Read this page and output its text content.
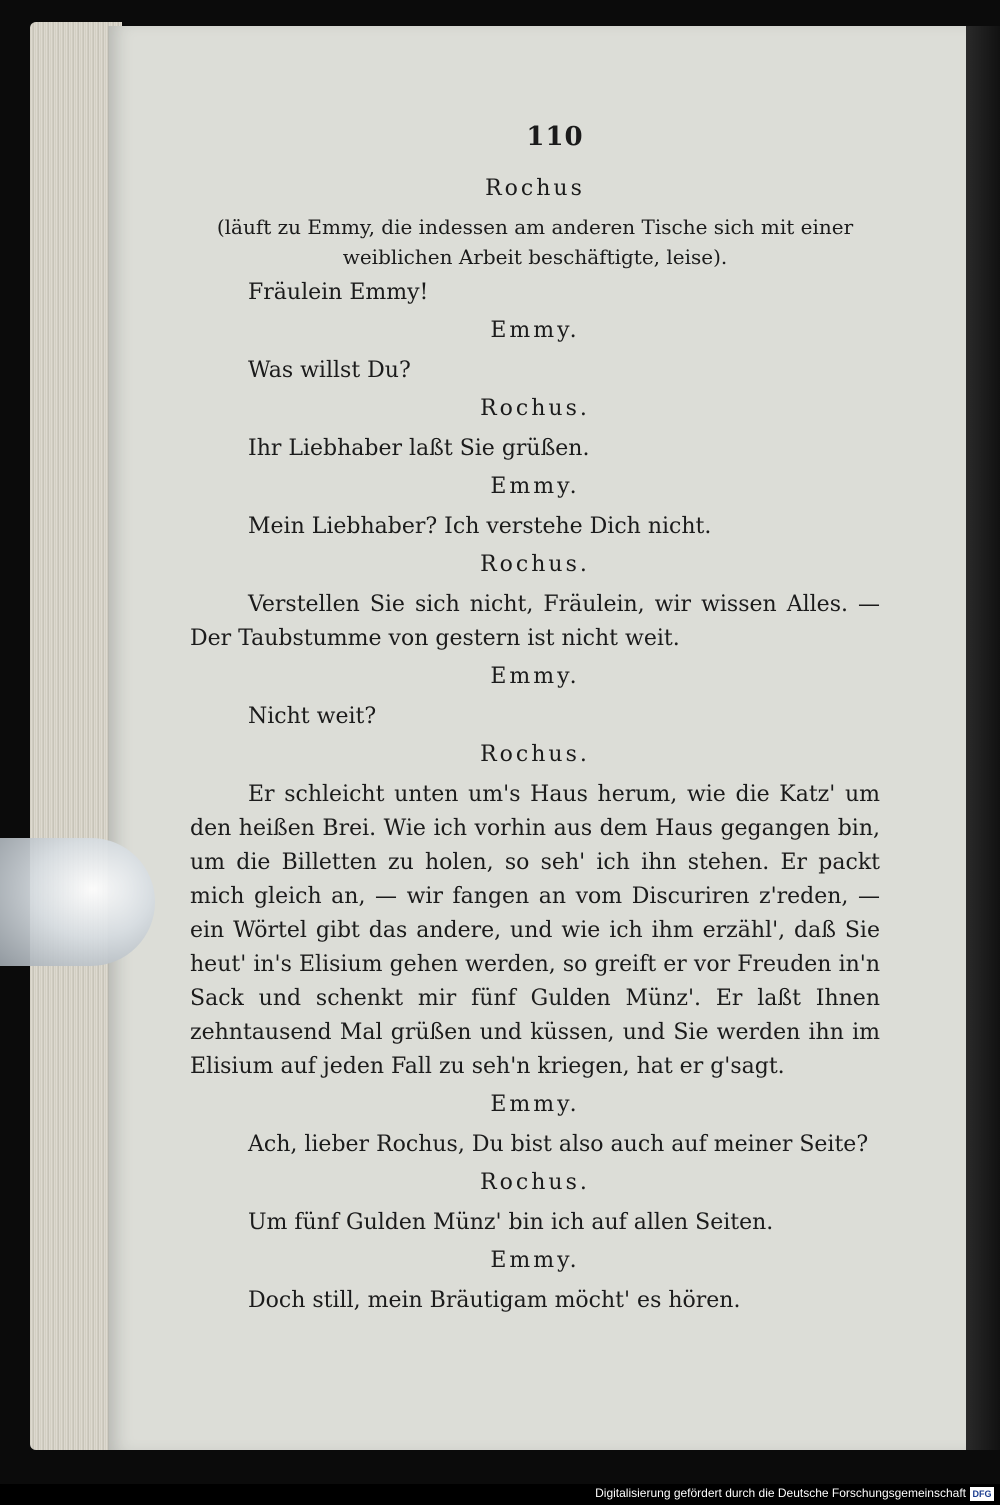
110
Rochus
(läuft zu Emmy, die indessen am anderen Tische sich mit einer weiblichen Arbeit beschäftigte, leise).
Fräulein Emmy!
Emmy.
Was willst Du?
Rochus.
Ihr Liebhaber laßt Sie grüßen.
Emmy.
Mein Liebhaber? Ich verstehe Dich nicht.
Rochus.
Verstellen Sie sich nicht, Fräulein, wir wissen Alles. — Der Taubstumme von gestern ist nicht weit.
Emmy.
Nicht weit?
Rochus.
Er schleicht unten um's Haus herum, wie die Katz' um den heißen Brei. Wie ich vorhin aus dem Haus gegangen bin, um die Billetten zu holen, so seh' ich ihn stehen. Er packt mich gleich an, — wir fangen an vom Discuriren z'reden, — ein Wörtel gibt das andere, und wie ich ihm erzähl', daß Sie heut' in's Elisium gehen werden, so greift er vor Freuden in'n Sack und schenkt mir fünf Gulden Münz'. Er laßt Ihnen zehntausend Mal grüßen und küssen, und Sie werden ihn im Elisium auf jeden Fall zu seh'n kriegen, hat er g'sagt.
Emmy.
Ach, lieber Rochus, Du bist also auch auf meiner Seite?
Rochus.
Um fünf Gulden Münz' bin ich auf allen Seiten.
Emmy.
Doch still, mein Bräutigam möcht' es hören.
Digitalisierung gefördert durch die Deutsche Forschungsgemeinschaft DFG
